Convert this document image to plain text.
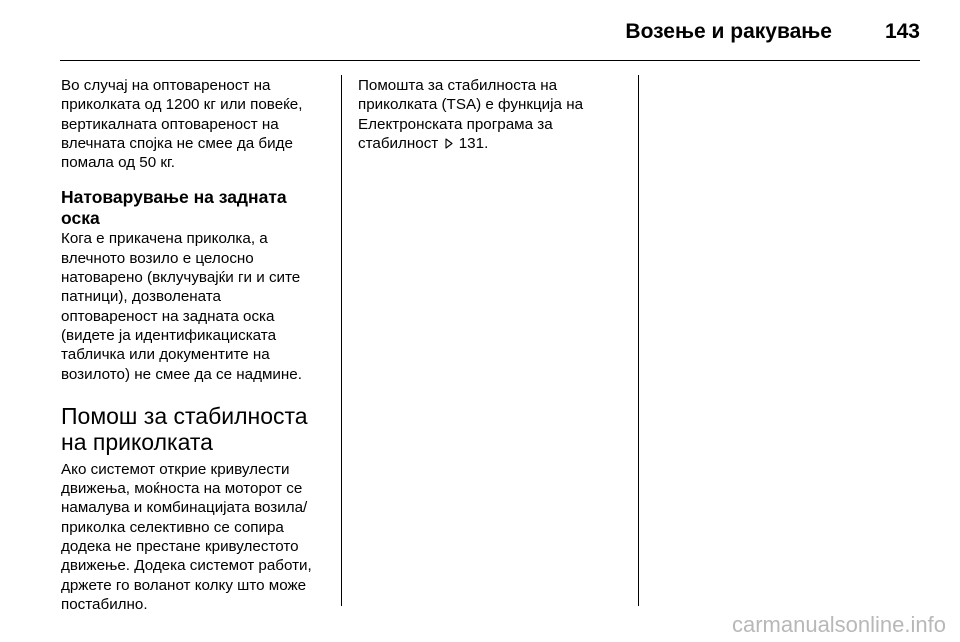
Возење и ракување	143

Во случај на оптовареност на
приколката од 1200 кг или повеќе,
вертикалната оптовареност на
влечната спојка не смее да биде
помала од 50 кг.

Натоварување на задната
оска

Кога е прикачена приколка, а
влечното возило е целосно
натоварено (вклучувајќи ги и сите
патници), дозволената
оптовареност на задната оска
(видете ја идентификациската
табличка или документите на
возилото) не смее да се надмине.

Помош за стабилноста
на приколката

Ако системот открие кривулести
движења, моќноста на моторот се
намалува и комбинацијата возила/
приколка селективно се сопира
додека не престане кривулестото
движење. Додека системот работи,
држете го воланот колку што може
постабилно.

Помошта за стабилноста на
приколката (TSA) е функција на
Електронската програма за
стабилност 131.

carmanualsonline.info
